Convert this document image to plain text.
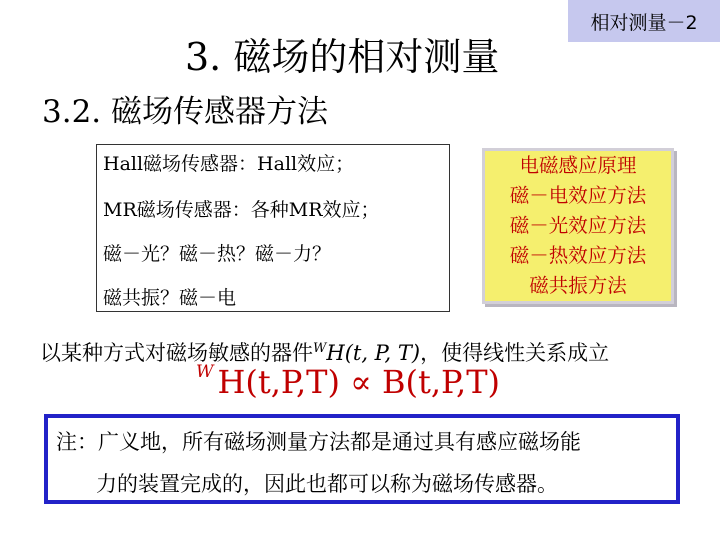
相对测量－2
3. 磁场的相对测量
3.2. 磁场传感器方法
Hall磁场传感器：Hall效应；
MR磁场传感器：各种MR效应；
磁－光？磁－热？磁－力？
磁共振？磁－电
电磁感应原理
磁－电效应方法
磁－光效应方法
磁－热效应方法
磁共振方法
以某种方式对磁场敏感的器件$^W$H(t, P, T)，使得线性关系成立
W H(t,P,T) ∝ B(t,P,T)
注：广义地，所有磁场测量方法都是通过具有感应磁场能
力的装置完成的，因此也都可以称为磁场传感器。
